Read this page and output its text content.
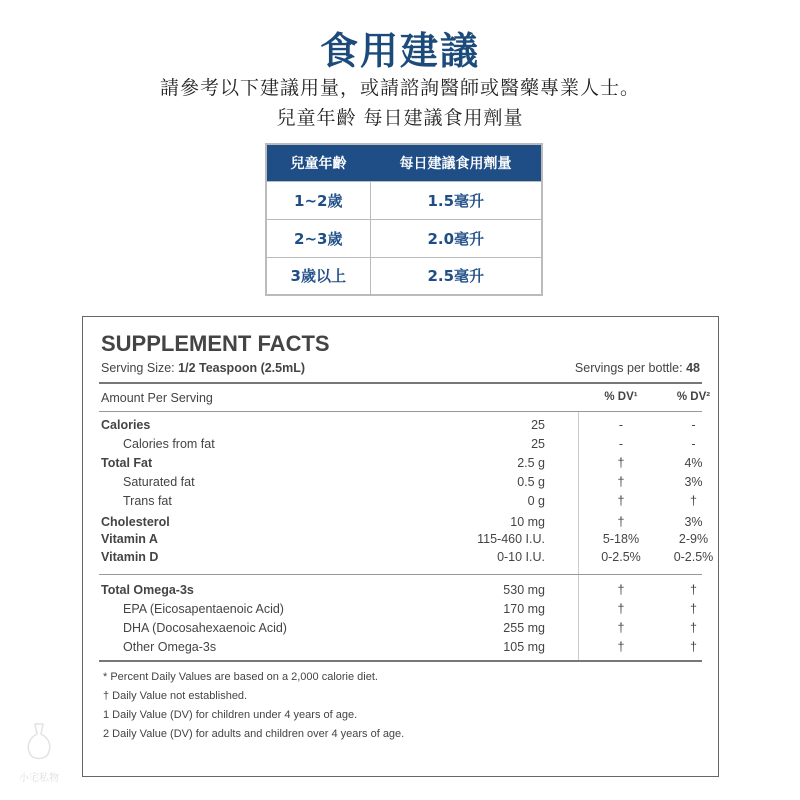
食用建議
請參考以下建議用量，或請諮詢醫師或醫藥專業人士。
兒童年齡 每日建議食用劑量
兒童年齡	每日建議食用劑量
1~2歲	1.5毫升
2~3歲	2.0毫升
3歲以上	2.5毫升
SUPPLEMENT FACTS
Serving Size: 1/2 Teaspoon (2.5mL)	Servings per bottle: 48
Amount Per Serving	% DV¹	% DV²
Calories	25	-	-
Calories from fat	25	-	-
Total Fat	2.5 g	†	4%
Saturated fat	0.5 g	†	3%
Trans fat	0 g	†	†
Cholesterol	10 mg	†	3%
Vitamin A	115-460 I.U.	5-18%	2-9%
Vitamin D	0-10 I.U.	0-2.5%	0-2.5%
Total Omega-3s	530 mg	†	†
EPA (Eicosapentaenoic Acid)	170 mg	†	†
DHA (Docosahexaenoic Acid)	255 mg	†	†
Other Omega-3s	105 mg	†	†
* Percent Daily Values are based on a 2,000 calorie diet.
† Daily Value not established.
1 Daily Value (DV) for children under 4 years of age.
2 Daily Value (DV) for adults and children over 4 years of age.
小宅私物
